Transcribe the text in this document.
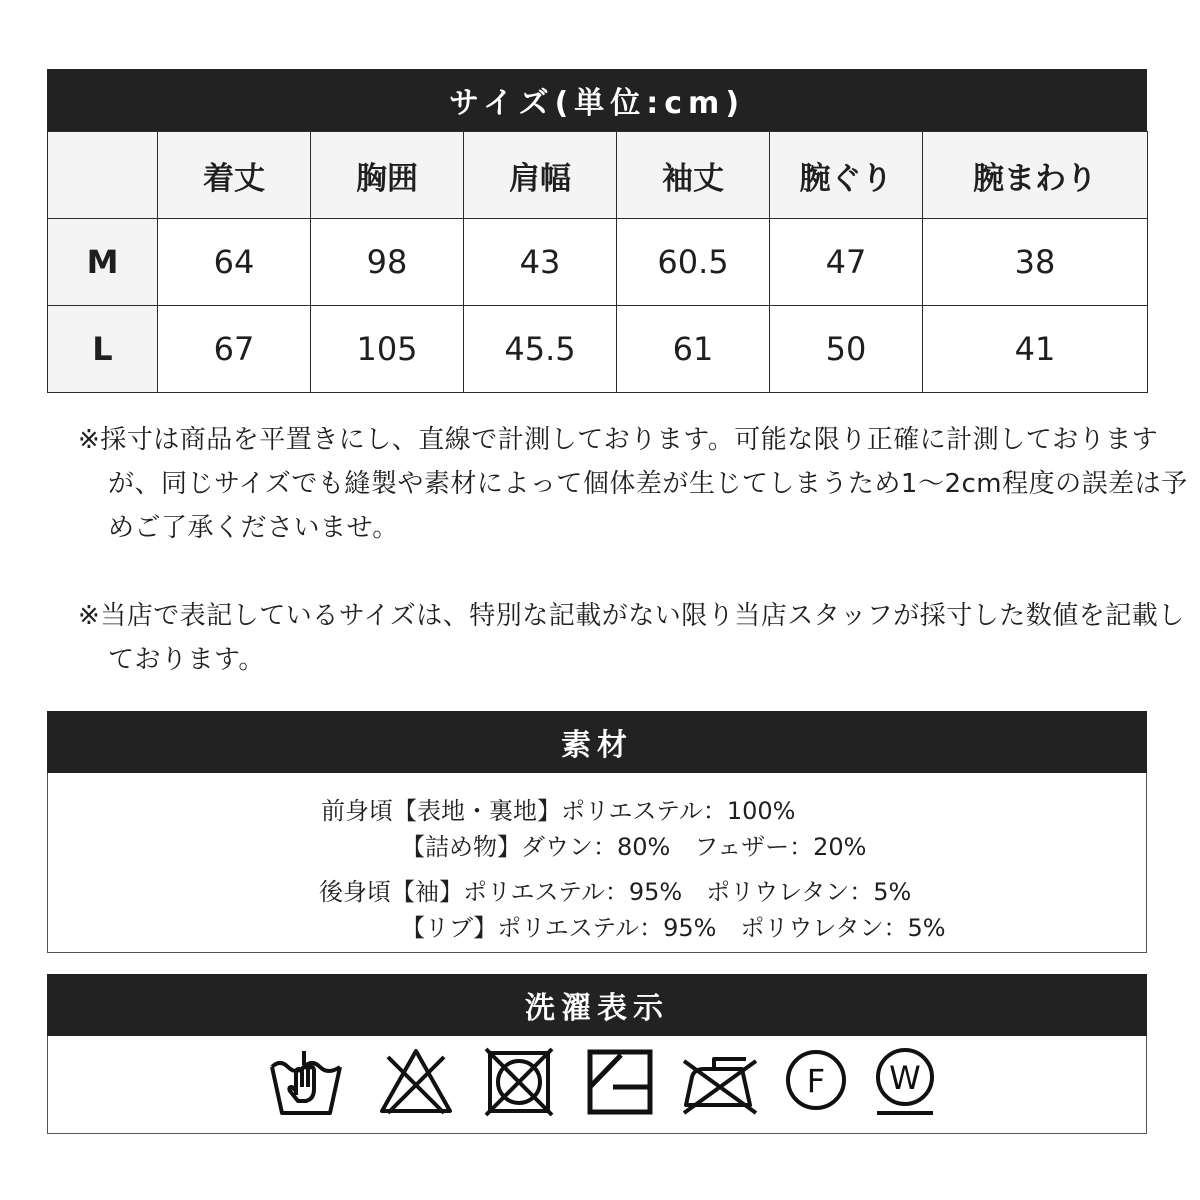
サイズ(単位:cm)
	着丈	胸囲	肩幅	袖丈	腕ぐり	腕まわり
M	64	98	43	60.5	47	38
L	67	105	45.5	61	50	41
※採寸は商品を平置きにし、直線で計測しております。可能な限り正確に計測しておりますが、同じサイズでも縫製や素材によって個体差が生じてしまうため1〜2cm程度の誤差は予めご了承くださいませ。
※当店で表記しているサイズは、特別な記載がない限り当店スタッフが採寸した数値を記載しております。
素材
前身頃【表地・裏地】ポリエステル：100%
【詰め物】ダウン：80%　フェザー：20%
後身頃【袖】ポリエステル：95%　ポリウレタン：5%
【リブ】ポリエステル：95%　ポリウレタン：5%
洗濯表示
F W
